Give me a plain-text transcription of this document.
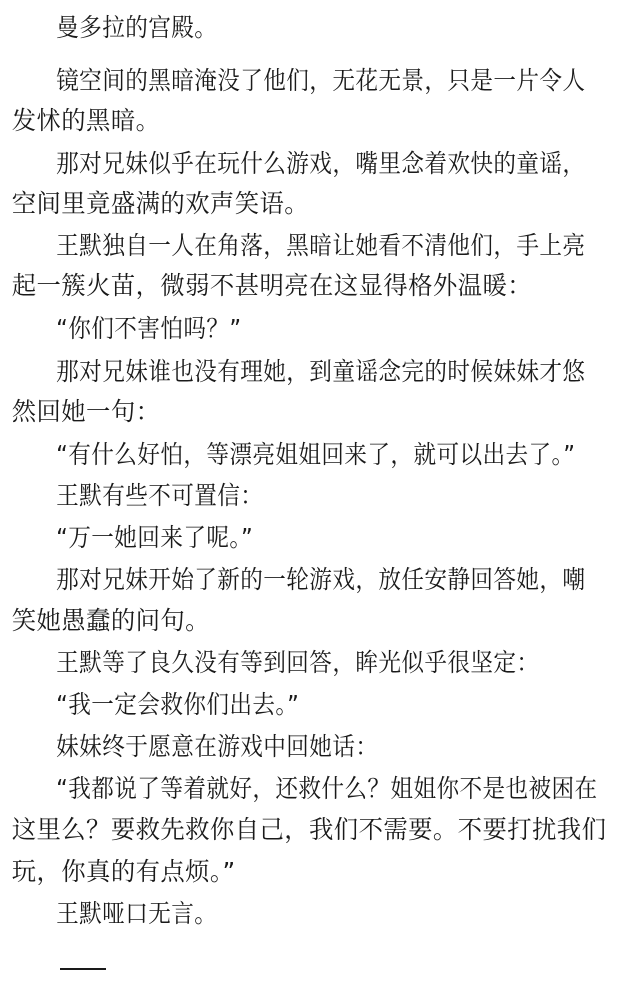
曼多拉的宫殿。
镜空间的黑暗淹没了他们，无花无景，只是一片令人
发怵的黑暗。
那对兄妹似乎在玩什么游戏，嘴里念着欢快的童谣，
空间里竟盛满的欢声笑语。
王默独自一人在角落，黑暗让她看不清他们，手上亮
起一簇火苗，微弱不甚明亮在这显得格外温暖：
“你们不害怕吗？”
那对兄妹谁也没有理她，到童谣念完的时候妹妹才悠
然回她一句：
“有什么好怕，等漂亮姐姐回来了，就可以出去了。”
王默有些不可置信：
“万一她回来了呢。”
那对兄妹开始了新的一轮游戏，放任安静回答她，嘲
笑她愚蠢的问句。
王默等了良久没有等到回答，眸光似乎很坚定：
“我一定会救你们出去。”
妹妹终于愿意在游戏中回她话：
“我都说了等着就好，还救什么？姐姐你不是也被困在
这里么？要救先救你自己，我们不需要。不要打扰我们
玩，你真的有点烦。”
王默哑口无言。
